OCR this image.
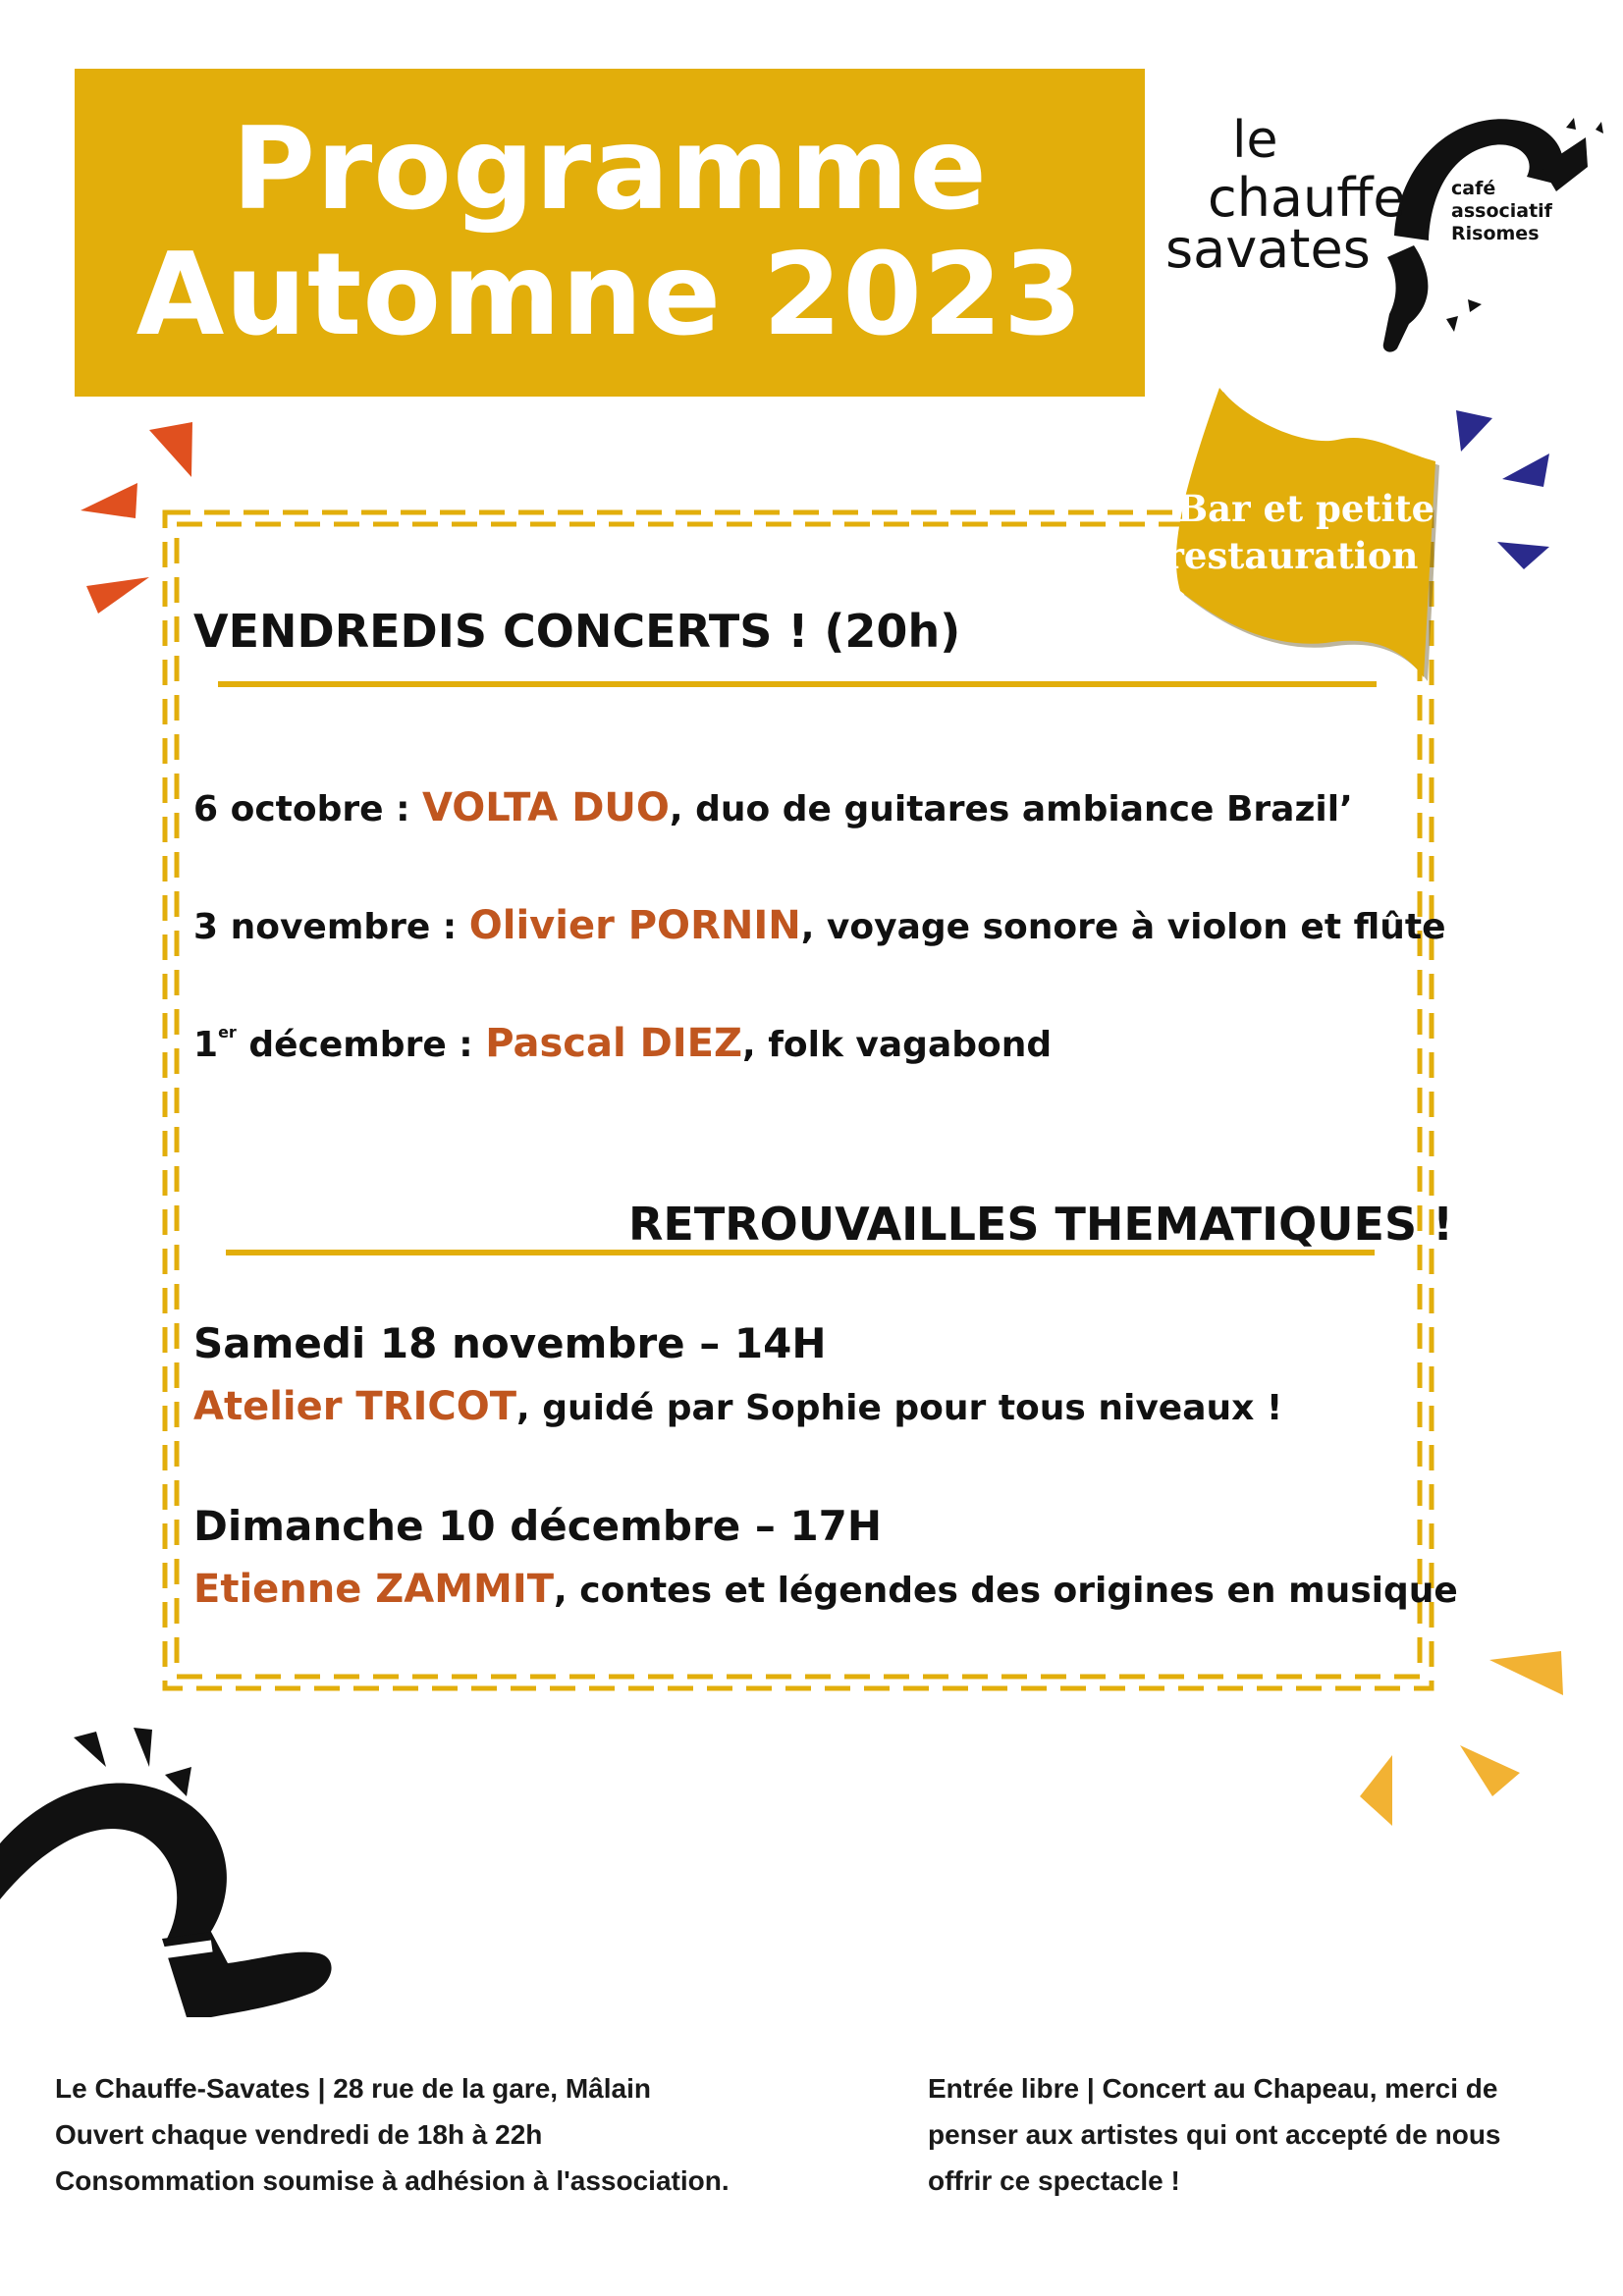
Programme
Automne 2023
le
chauffe
savates
café
associatif
Risomes
Bar et petite
restauration !
VENDREDIS CONCERTS ! (20h)
6 octobre : VOLTA DUO, duo de guitares ambiance Brazil’
3 novembre : Olivier PORNIN, voyage sonore à violon et flûte
1er décembre : Pascal DIEZ, folk vagabond
RETROUVAILLES THEMATIQUES !
Samedi 18 novembre – 14H
Atelier TRICOT, guidé par Sophie pour tous niveaux !
Dimanche 10 décembre – 17H
Etienne ZAMMIT, contes et légendes des origines en musique
Le Chauffe-Savates | 28 rue de la gare, Mâlain
Ouvert chaque vendredi de 18h à 22h
Consommation soumise à adhésion à l'association.
Entrée libre | Concert au Chapeau, merci de
penser aux artistes qui ont accepté de nous
offrir ce spectacle !
